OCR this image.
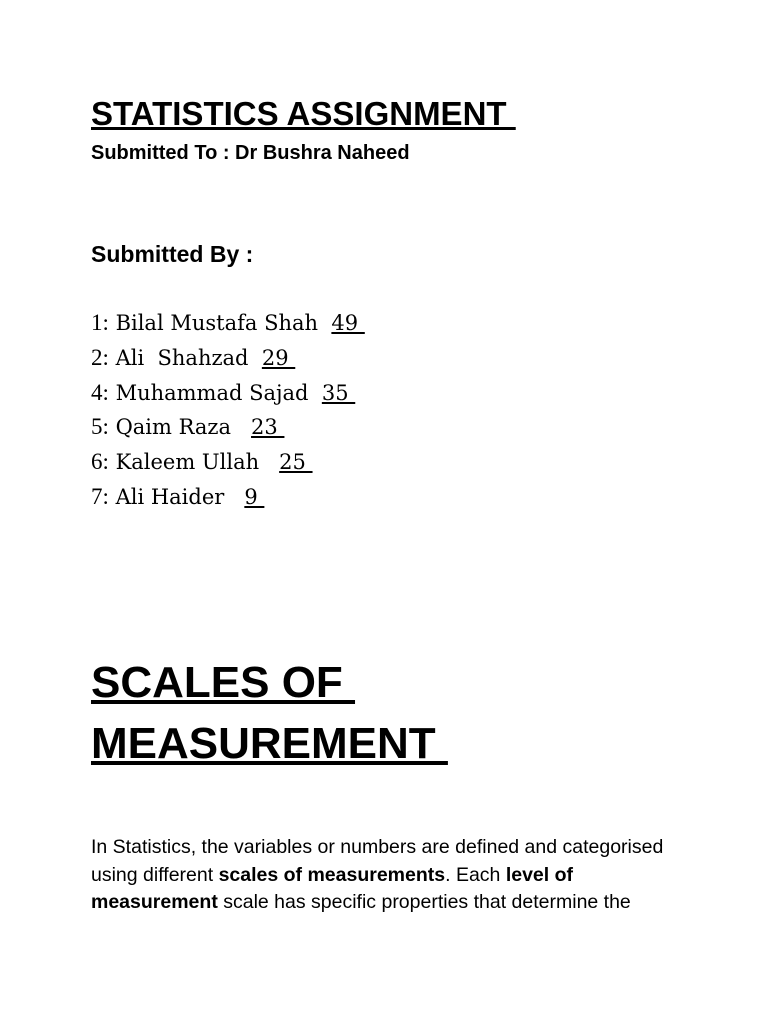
STATISTICS ASSIGNMENT

Submitted To : Dr Bushra Naheed

Submitted By :

1: Bilal Mustafa Shah  49
2: Ali  Shahzad  29
4: Muhammad Sajad  35
5: Qaim Raza   23
6: Kaleem Ullah   25
7: Ali Haider   9
SCALES OF
MEASUREMENT

In Statistics, the variables or numbers are defined and categorised using different scales of measurements. Each level of measurement scale has specific properties that determine the
